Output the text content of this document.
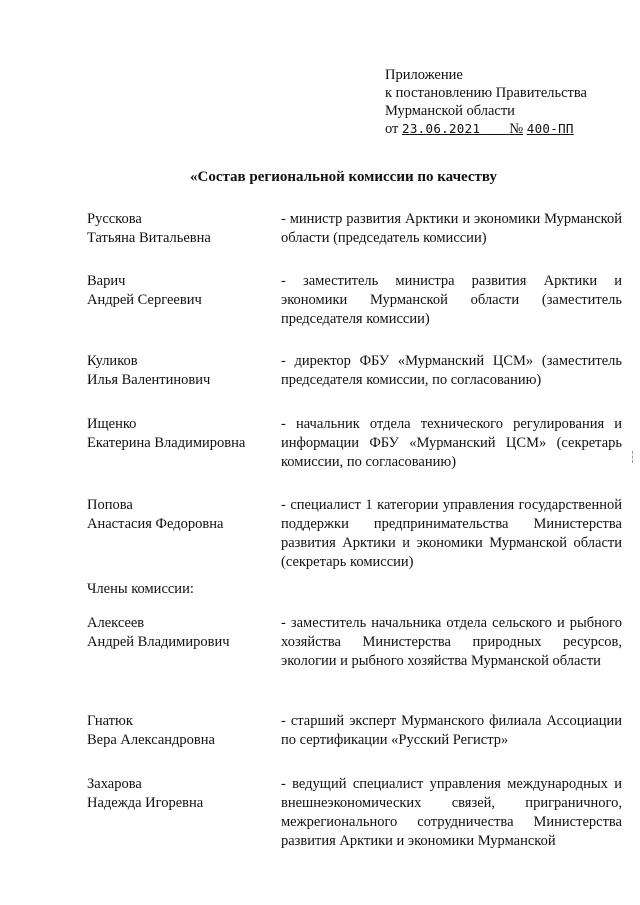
Приложение
к постановлению Правительства
Мурманской области
от 23.06.2021 № 400-ПП
«Состав региональной комиссии по качеству
Русскова
Татьяна Витальевна
- министр развития Арктики и экономики Мурманской области (председатель комиссии)
Варич
Андрей Сергеевич
- заместитель министра развития Арктики и экономики Мурманской области (заместитель председателя комиссии)
Куликов
Илья Валентинович
- директор ФБУ «Мурманский ЦСМ» (заместитель председателя комиссии, по согласованию)
Ищенко
Екатерина Владимировна
- начальник отдела технического регулирования и информации ФБУ «Мурманский ЦСМ» (секретарь комиссии, по согласованию)
Попова
Анастасия Федоровна
- специалист 1 категории управления государственной поддержки предпринимательства Министерства развития Арктики и экономики Мурманской области (секретарь комиссии)
Члены комиссии:
Алексеев
Андрей Владимирович
- заместитель начальника отдела сельского и рыбного хозяйства Министерства природных ресурсов, экологии и рыбного хозяйства Мурманской области
Гнатюк
Вера Александровна
- старший эксперт Мурманского филиала Ассоциации по сертификации «Русский Регистр»
Захарова
Надежда Игоревна
- ведущий специалист управления международных и внешнеэкономических связей, приграничного, межрегионального сотрудничества Министерства развития Арктики и экономики Мурманской
